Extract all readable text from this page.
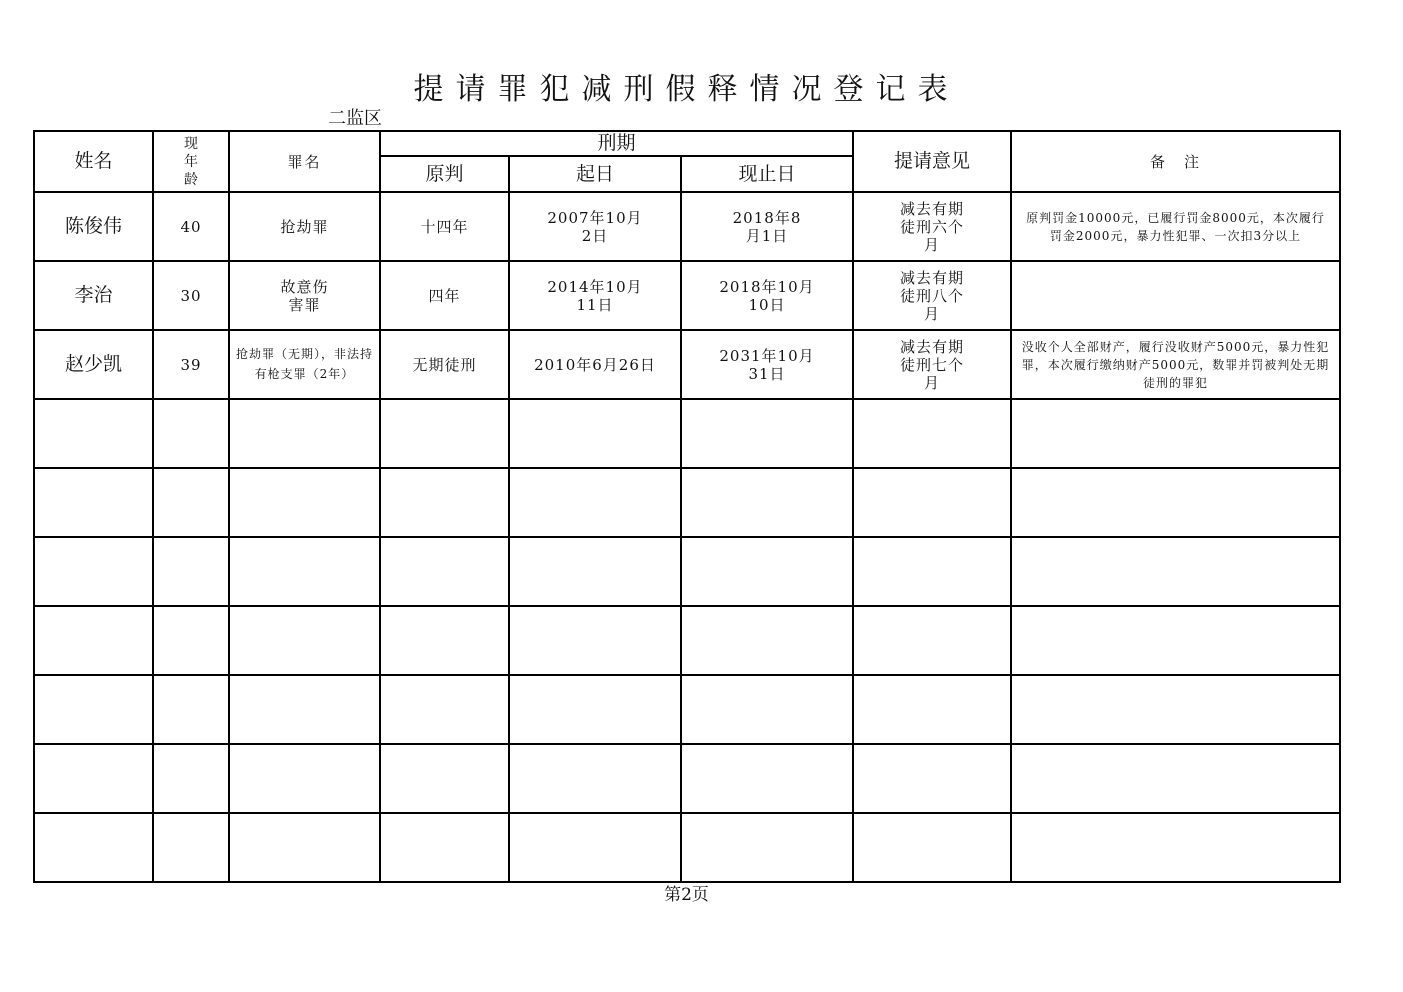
提请罪犯减刑假释情况登记表
二监区
姓名	现年龄	罪名	刑期			提请意见	备　注
			原判	起日	现止日		
陈俊伟	40	抢劫罪	十四年	2007年10月2日	2018年8月1日	减去有期徒刑六个月	原判罚金10000元，已履行罚金8000元，本次履行罚金2000元，暴力性犯罪、一次扣3分以上
李治	30	故意伤害罪	四年	2014年10月11日	2018年10月10日	减去有期徒刑八个月	
赵少凯	39	抢劫罪（无期），非法持有枪支罪（2年）	无期徒刑	2010年6月26日	2031年10月31日	减去有期徒刑七个月	没收个人全部财产，履行没收财产5000元，暴力性犯罪，本次履行缴纳财产5000元，数罪并罚被判处无期徒刑的罪犯

第2页
